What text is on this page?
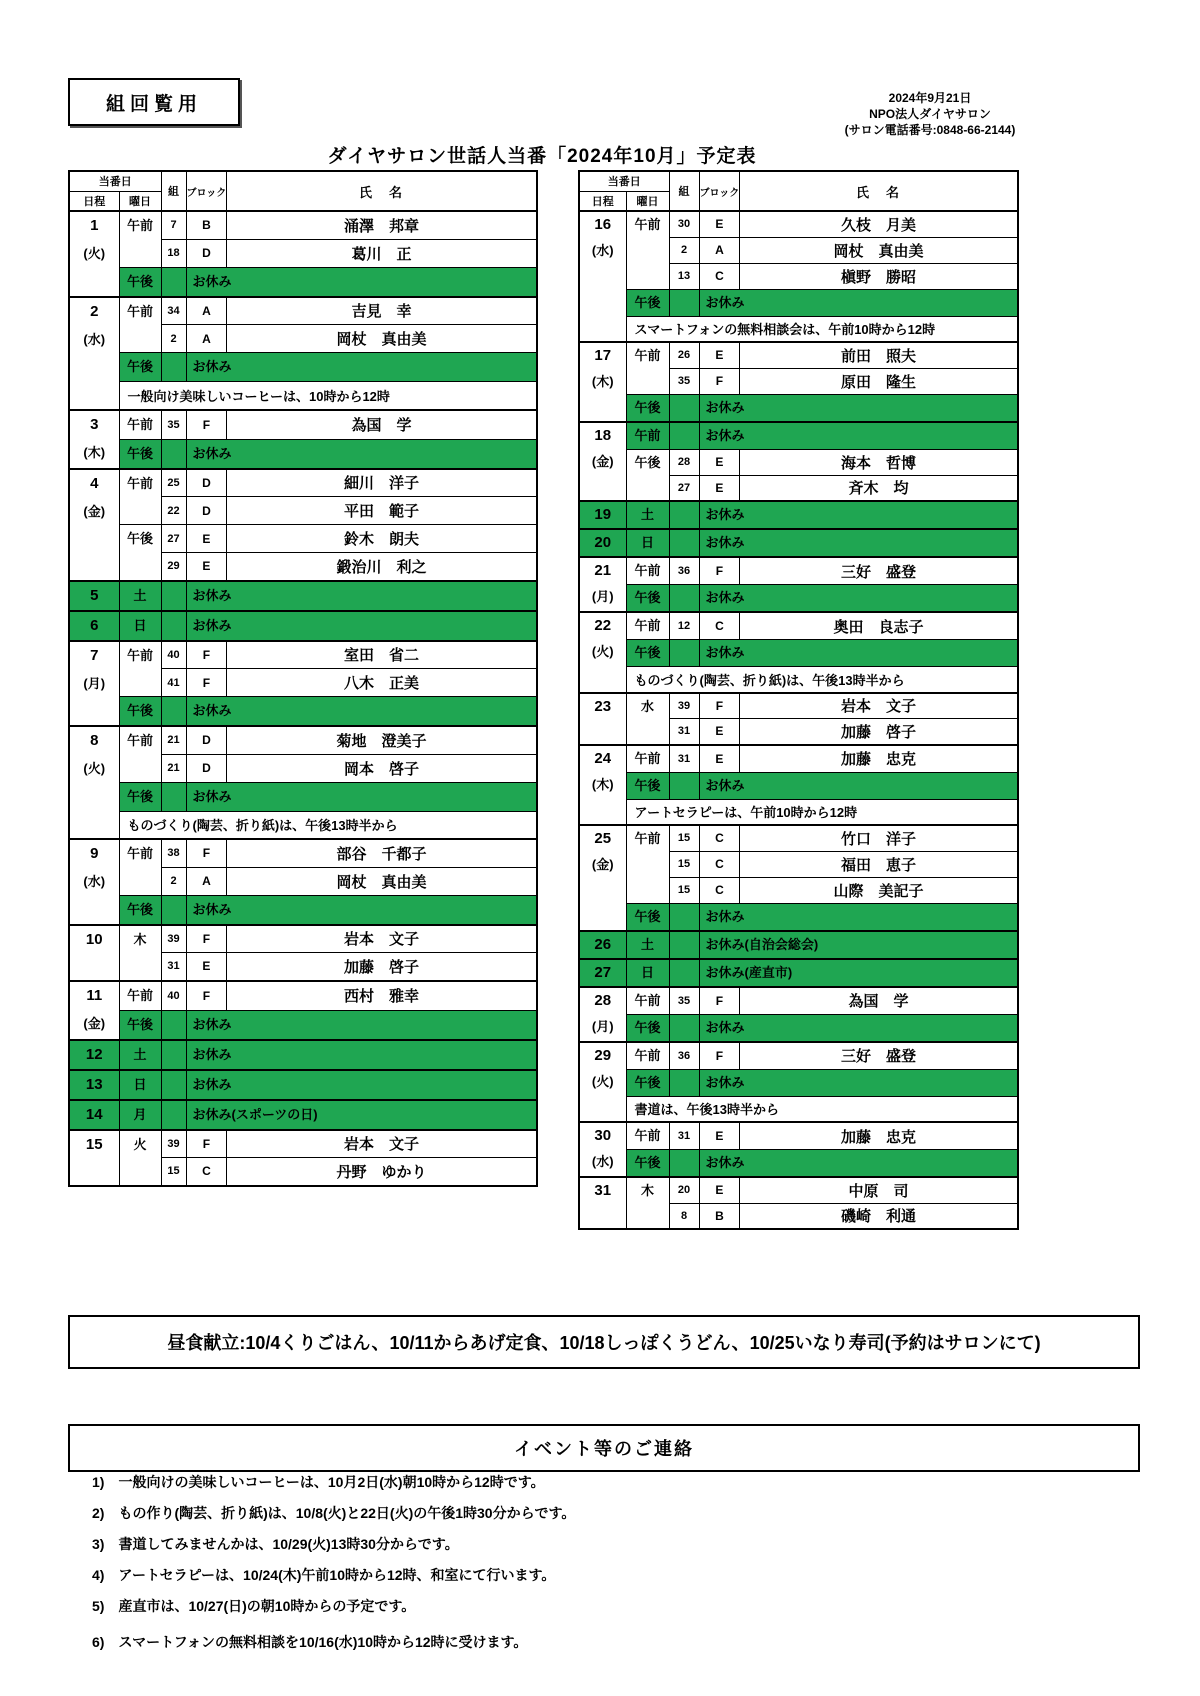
組回覧用	2024年9月21日
NPO法人ダイヤサロン
(サロン電話番号:0848-66-2144)
ダイヤサロン世話人当番「2024年10月」予定表
当番日		組	ブロック	氏　名
日程	曜日			

1
(火)	午前	7	B	涌澤　邦章
		18	D	葛川　正
	午後		お休み	

2
(水)	午前	34	A	吉見　幸
		2	A	岡杖　真由美
	午後		お休み	
	一般向け美味しいコーヒーは、10時から12時			

3
(木)	午前	35	F	為国　学
	午後		お休み	

4
(金)	午前	25	D	細川　洋子
		22	D	平田　範子
	午後	27	E	鈴木　朗夫
		29	E	鍛治川　利之
5	土		お休み	
6	日		お休み	

7
(月)	午前	40	F	室田　省二
		41	F	八木　正美
	午後		お休み	

8
(火)	午前	21	D	菊地　澄美子
		21	D	岡本　啓子
	午後		お休み	
	ものづくり(陶芸、折り紙)は、午後13時半から			

9
(水)	午前	38	F	部谷　千都子
		2	A	岡杖　真由美
	午後		お休み	

10	木	39	F	岩本　文子
		31	E	加藤　啓子

11
(金)	午前	40	F	西村　雅幸
	午後		お休み	
12	土		お休み	
13	日		お休み	
14	月		お休み(スポーツの日)	

15	火	39	F	岩本　文子
		15	C	丹野　ゆかり
当番日		組	ブロック	氏　名
日程	曜日			

16
(水)	午前	30	E	久枝　月美
		2	A	岡杖　真由美
		13	C	槇野　勝昭
	午後		お休み	
	スマートフォンの無料相談会は、午前10時から12時			

17
(木)	午前	26	E	前田　照夫
		35	F	原田　隆生
	午後		お休み	

18
(金)	午前		お休み	
	午後	28	E	海本　哲博
		27	E	斉木　均
19	土		お休み	
20	日		お休み	

21
(月)	午前	36	F	三好　盛登
	午後		お休み	

22
(火)	午前	12	C	奥田　良志子
	午後		お休み	
	ものづくり(陶芸、折り紙)は、午後13時半から			

23	水	39	F	岩本　文子
		31	E	加藤　啓子

24
(木)	午前	31	E	加藤　忠克
	午後		お休み	
	アートセラピーは、午前10時から12時			

25
(金)	午前	15	C	竹口　洋子
		15	C	福田　恵子
		15	C	山際　美記子
	午後		お休み	
26	土		お休み(自治会総会)	
27	日		お休み(産直市)	

28
(月)	午前	35	F	為国　学
	午後		お休み	

29
(火)	午前	36	F	三好　盛登
	午後		お休み	
	書道は、午後13時半から			

30
(水)	午前	31	E	加藤　忠克
	午後		お休み	

31	木	20	E	中原　司
		8	B	磯崎　利通
昼食献立:10/4くりごはん、10/11からあげ定食、10/18しっぽくうどん、10/25いなり寿司(予約はサロンにて)
イベント等のご連絡
1)　一般向けの美味しいコーヒーは、10月2日(水)朝10時から12時です。
2)　もの作り(陶芸、折り紙)は、10/8(火)と22日(火)の午後1時30分からです。
3)　書道してみませんかは、10/29(火)13時30分からです。
4)　アートセラピーは、10/24(木)午前10時から12時、和室にて行います。
5)　産直市は、10/27(日)の朝10時からの予定です。
6)　スマートフォンの無料相談を10/16(水)10時から12時に受けます。
